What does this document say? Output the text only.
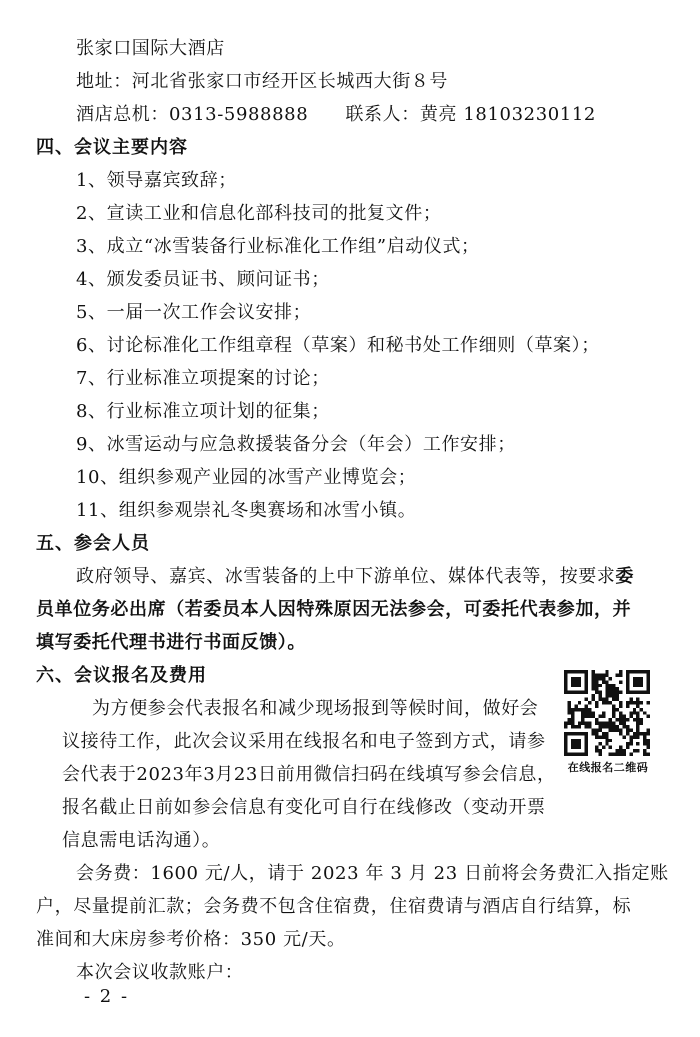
张家口国际大酒店
地址：河北省张家口市经开区长城西大街８号
酒店总机：0313-5988888　　联系人：黄亮 18103230112
四、会议主要内容
1、领导嘉宾致辞；
2、宣读工业和信息化部科技司的批复文件；
3、成立“冰雪装备行业标准化工作组”启动仪式；
4、颁发委员证书、顾问证书；
5、一届一次工作会议安排；
6、讨论标准化工作组章程（草案）和秘书处工作细则（草案）；
7、行业标准立项提案的讨论；
8、行业标准立项计划的征集；
9、冰雪运动与应急救援装备分会（年会）工作安排；
10、组织参观产业园的冰雪产业博览会；
11、组织参观崇礼冬奥赛场和冰雪小镇。
五、参会人员
政府领导、嘉宾、冰雪装备的上中下游单位、媒体代表等，按要求委
员单位务必出席（若委员本人因特殊原因无法参会，可委托代表参加，并
填写委托代理书进行书面反馈）。
六、会议报名及费用
为方便参会代表报名和减少现场报到等候时间，做好会
议接待工作，此次会议采用在线报名和电子签到方式，请参
会代表于2023年3月23日前用微信扫码在线填写参会信息，
报名截止日前如参会信息有变化可自行在线修改（变动开票
信息需电话沟通）。
在线报名二维码
会务费：1600 元/人，请于 2023 年 3 月 23 日前将会务费汇入指定账
户，尽量提前汇款；会务费不包含住宿费，住宿费请与酒店自行结算，标
准间和大床房参考价格：350 元/天。
本次会议收款账户：
- 2 -
